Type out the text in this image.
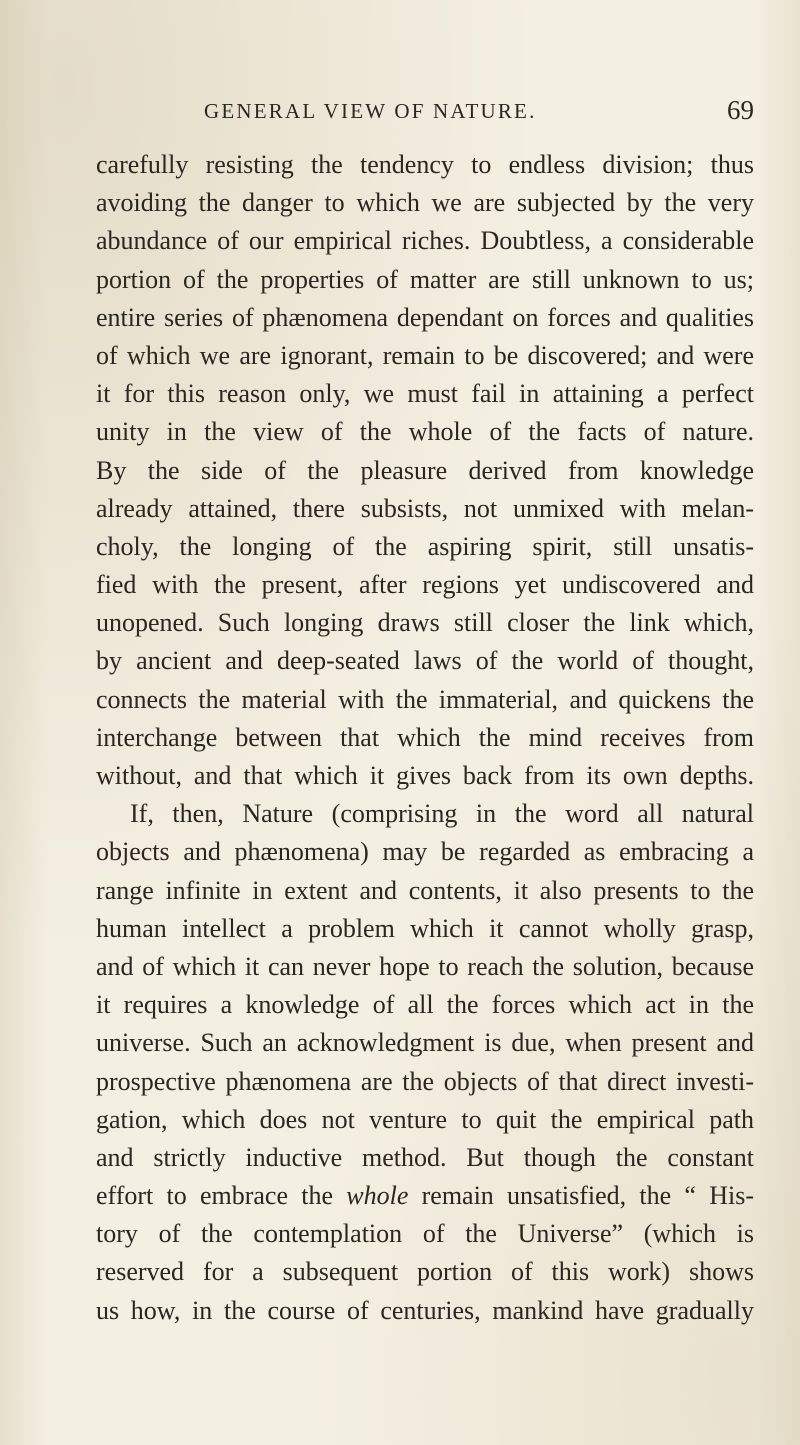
GENERAL VIEW OF NATURE.	69
carefully resisting the tendency to endless division; thus
avoiding the danger to which we are subjected by the very
abundance of our empirical riches. Doubtless, a considerable
portion of the properties of matter are still unknown to us;
entire series of phænomena dependant on forces and qualities
of which we are ignorant, remain to be discovered; and were
it for this reason only, we must fail in attaining a perfect
unity in the view of the whole of the facts of nature.
By the side of the pleasure derived from knowledge
already attained, there subsists, not unmixed with melan-
choly, the longing of the aspiring spirit, still unsatis-
fied with the present, after regions yet undiscovered and
unopened. Such longing draws still closer the link which,
by ancient and deep-seated laws of the world of thought,
connects the material with the immaterial, and quickens the
interchange between that which the mind receives from
without, and that which it gives back from its own depths.
If, then, Nature (comprising in the word all natural
objects and phænomena) may be regarded as embracing a
range infinite in extent and contents, it also presents to the
human intellect a problem which it cannot wholly grasp,
and of which it can never hope to reach the solution, because
it requires a knowledge of all the forces which act in the
universe. Such an acknowledgment is due, when present and
prospective phænomena are the objects of that direct investi-
gation, which does not venture to quit the empirical path
and strictly inductive method. But though the constant
effort to embrace the whole remain unsatisfied, the “ His-
tory of the contemplation of the Universe” (which is
reserved for a subsequent portion of this work) shows
us how, in the course of centuries, mankind have gradually
